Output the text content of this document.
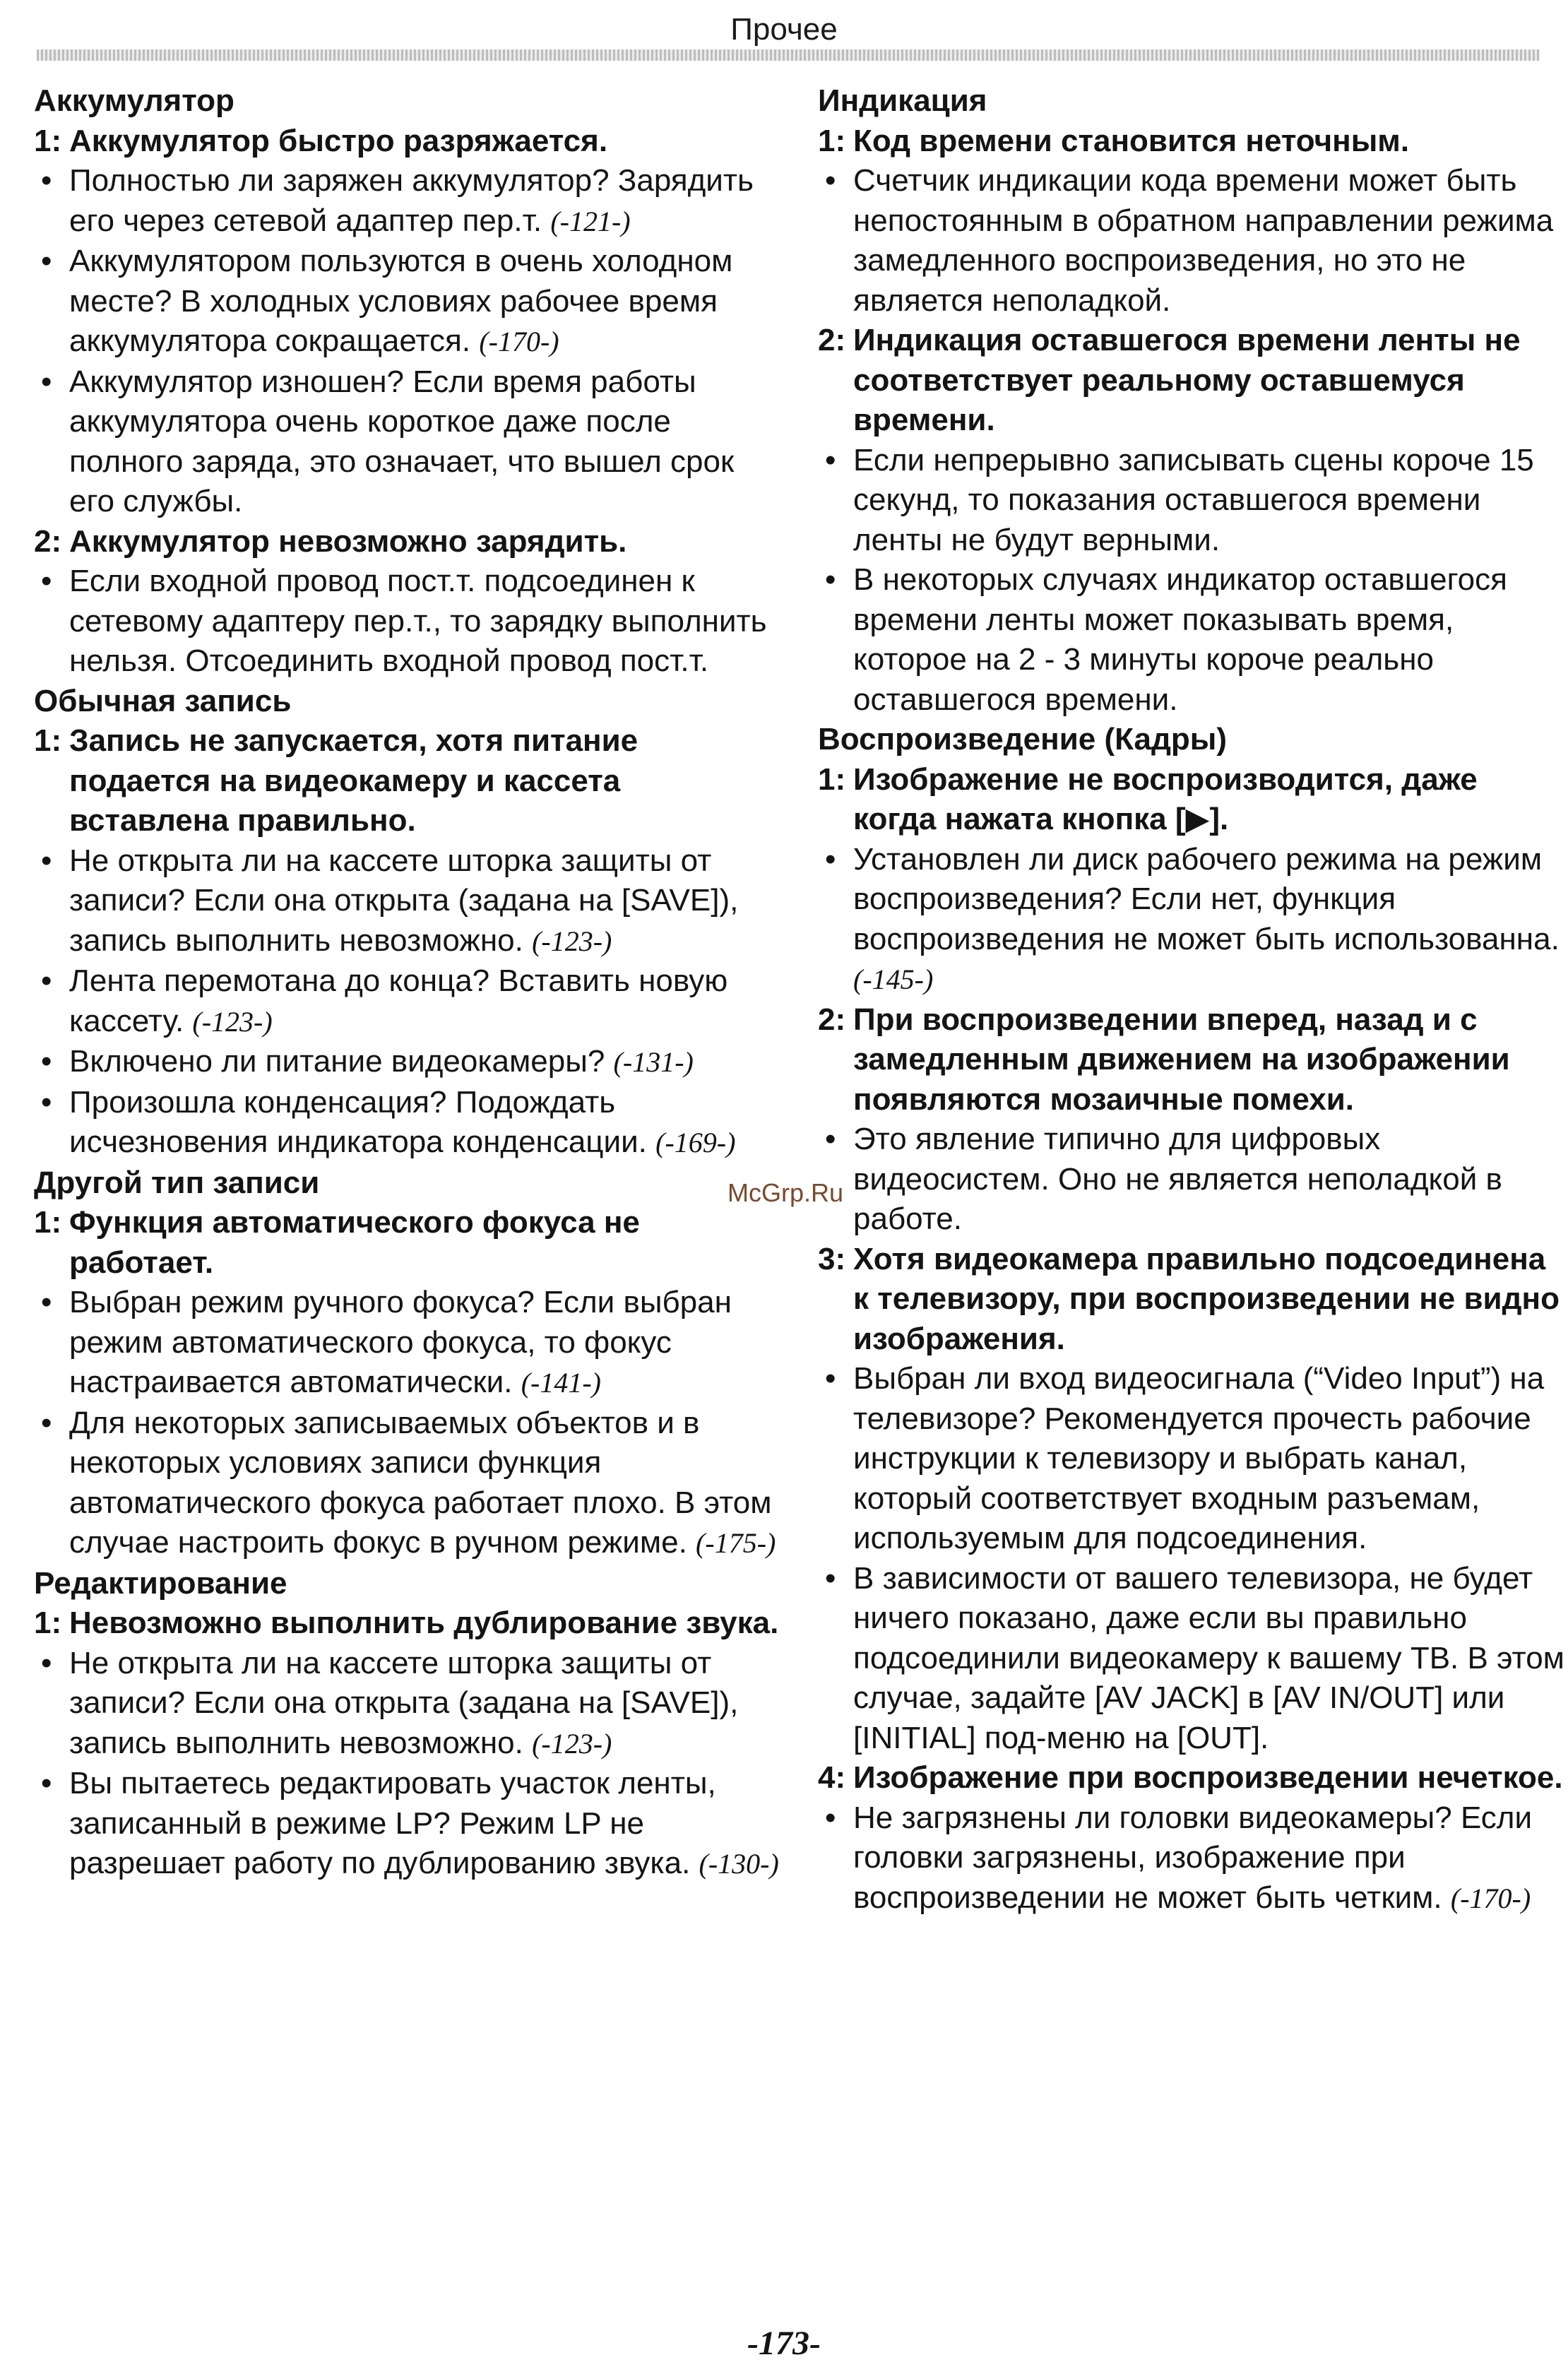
Прочее
Аккумулятор
1: Аккумулятор быстро разряжается.
• Полностью ли заряжен аккумулятор? Зарядить его через сетевой адаптер пер.т. (-121-)
• Аккумулятором пользуются в очень холодном месте? В холодных условиях рабочее время аккумулятора сокращается. (-170-)
• Аккумулятор изношен? Если время работы аккумулятора очень короткое даже после полного заряда, это означает, что вышел срок его службы.
2: Аккумулятор невозможно зарядить.
• Если входной провод пост.т. подсоединен к сетевому адаптеру пер.т., то зарядку выполнить нельзя. Отсоединить входной провод пост.т.
Обычная запись
1: Запись не запускается, хотя питание подается на видеокамеру и кассета вставлена правильно.
• Не открыта ли на кассете шторка защиты от записи? Если она открыта (задана на [SAVE]), запись выполнить невозможно. (-123-)
• Лента перемотана до конца? Вставить новую кассету. (-123-)
• Включено ли питание видеокамеры? (-131-)
• Произошла конденсация? Подождать исчезновения индикатора конденсации. (-169-)
Другой тип записи
1: Функция автоматического фокуса не работает.
• Выбран режим ручного фокуса? Если выбран режим автоматического фокуса, то фокус настраивается автоматически. (-141-)
• Для некоторых записываемых объектов и в некоторых условиях записи функция автоматического фокуса работает плохо. В этом случае настроить фокус в ручном режиме. (-175-)
Редактирование
1: Невозможно выполнить дублирование звука.
• Не открыта ли на кассете шторка защиты от записи? Если она открыта (задана на [SAVE]), запись выполнить невозможно. (-123-)
• Вы пытаетесь редактировать участок ленты, записанный в режиме LP? Режим LP не разрешает работу по дублированию звука. (-130-)
Индикация
1: Код времени становится неточным.
• Счетчик индикации кода времени может быть непостоянным в обратном направлении режима замедленного воспроизведения, но это не является неполадкой.
2: Индикация оставшегося времени ленты не соответствует реальному оставшемуся времени.
• Если непрерывно записывать сцены короче 15 секунд, то показания оставшегося времени ленты не будут верными.
• В некоторых случаях индикатор оставшегося времени ленты может показывать время, которое на 2 - 3 минуты короче реально оставшегося времени.
Воспроизведение (Кадры)
1: Изображение не воспроизводится, даже когда нажата кнопка [▶].
• Установлен ли диск рабочего режима на режим воспроизведения? Если нет, функция воспроизведения не может быть использованна. (-145-)
2: При воспроизведении вперед, назад и с замедленным движением на изображении появляются мозаичные помехи.
• Это явление типично для цифровых видеосистем. Оно не является неполадкой в работе.
3: Хотя видеокамера правильно подсоединена к телевизору, при воспроизведении не видно изображения.
• Выбран ли вход видеосигнала (“Video Input”) на телевизоре? Рекомендуется прочесть рабочие инструкции к телевизору и выбрать канал, который соответствует входным разъемам, используемым для подсоединения.
• В зависимости от вашего телевизора, не будет ничего показано, даже если вы правильно подсоединили видеокамеру к вашему ТВ. В этом случае, задайте [AV JACK] в [AV IN/OUT] или [INITIAL] под-меню на [OUT].
4: Изображение при воспроизведении нечеткое.
• Не загрязнены ли головки видеокамеры? Если головки загрязнены, изображение при воспроизведении не может быть четким. (-170-)
McGrp.Ru
-173-
